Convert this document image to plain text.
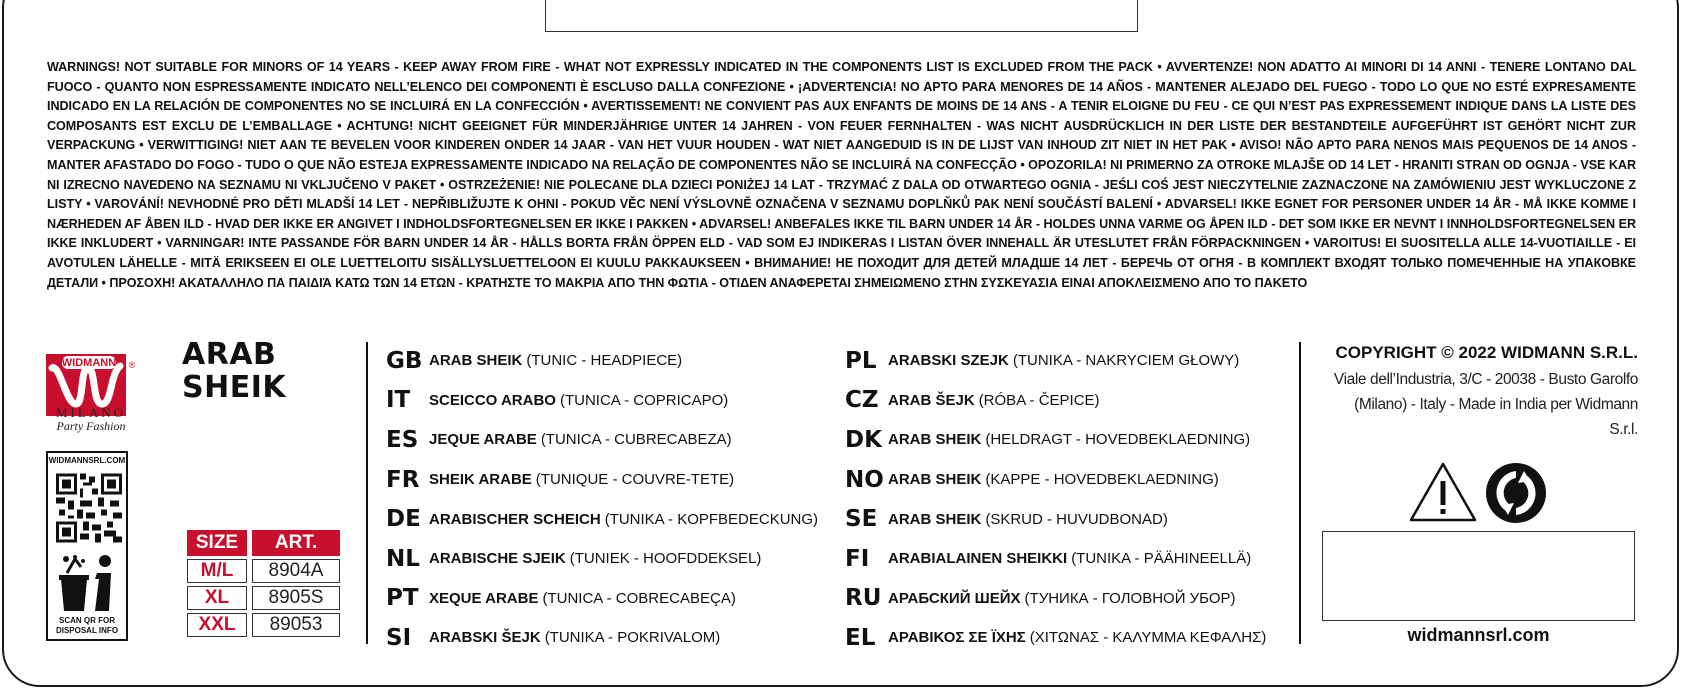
WARNINGS! NOT SUITABLE FOR MINORS OF 14 YEARS - KEEP AWAY FROM FIRE - WHAT NOT EXPRESSLY INDICATED IN THE COMPONENTS LIST IS EXCLUDED FROM THE PACK • AVVERTENZE! NON ADATTO AI MINORI DI 14 ANNI - TENERE LONTANO DAL FUOCO - QUANTO NON ESPRESSAMENTE INDICATO NELL’ELENCO DEI COMPONENTI È ESCLUSO DALLA CONFEZIONE • ¡ADVERTENCIA! NO APTO PARA MENORES DE 14 AÑOS - MANTENER ALEJADO DEL FUEGO - TODO LO QUE NO ESTÉ EXPRESAMENTE INDICADO EN LA RELACIÓN DE COMPONENTES NO SE INCLUIRÁ EN LA CONFECCIÓN • AVERTISSEMENT! NE CONVIENT PAS AUX ENFANTS DE MOINS DE 14 ANS - A TENIR ELOIGNE DU FEU - CE QUI N’EST PAS EXPRESSEMENT INDIQUE DANS LA LISTE DES COMPOSANTS EST EXCLU DE L’EMBALLAGE • ACHTUNG! NICHT GEEIGNET FÜR MINDERJÄHRIGE UNTER 14 JAHREN - VON FEUER FERNHALTEN - WAS NICHT AUSDRÜCKLICH IN DER LISTE DER BESTANDTEILE AUFGEFÜHRT IST GEHÖRT NICHT ZUR VERPACKUNG • VERWITTIGING! NIET AAN TE BEVELEN VOOR KINDEREN ONDER 14 JAAR - VAN HET VUUR HOUDEN - WAT NIET AANGEDUID IS IN DE LIJST VAN INHOUD ZIT NIET IN HET PAK • AVISO! NÃO APTO PARA NENOS MAIS PEQUENOS DE 14 ANOS - MANTER AFASTADO DO FOGO - TUDO O QUE NÃO ESTEJA EXPRESSAMENTE INDICADO NA RELAÇÃO DE COMPONENTES NÃO SE INCLUIRÁ NA CONFECÇÃO • OPOZORILA! NI PRIMERNO ZA OTROKE MLAJŠE OD 14 LET - HRANITI STRAN OD OGNJA - VSE KAR NI IZRECNO NAVEDENO NA SEZNAMU NI VKLJUČENO V PAKET • OSTRZEŻENIE! NIE POLECANE DLA DZIECI PONIŻEJ 14 LAT - TRZYMAĆ Z DALA OD OTWARTEGO OGNIA - JEŚLI COŚ JEST NIECZYTELNIE ZAZNACZONE NA ZAMÓWIENIU JEST WYKLUCZONE Z LISTY • VAROVÁNÍ! NEVHODNÉ PRO DĚTI MLADŠÍ 14 LET - NEPŘIBLIŽUJTE K OHNI - POKUD VĚC NENÍ VÝSLOVNĚ OZNAČENA V SEZNAMU DOPLŇKŮ PAK NENÍ SOUČÁSTÍ BALENÍ • ADVARSEL! IKKE EGNET FOR PERSONER UNDER 14 ÅR - MÅ IKKE KOMME I NÆRHEDEN AF ÅBEN ILD - HVAD DER IKKE ER ANGIVET I INDHOLDSFORTEGNELSEN ER IKKE I PAKKEN • ADVARSEL! ANBEFALES IKKE TIL BARN UNDER 14 ÅR - HOLDES UNNA VARME OG ÅPEN ILD - DET SOM IKKE ER NEVNT I INNHOLDSFORTEGNELSEN ER IKKE INKLUDERT • VARNINGAR! INTE PASSANDE FÖR BARN UNDER 14 ÅR - HÅLLS BORTA FRÅN ÖPPEN ELD - VAD SOM EJ INDIKERAS I LISTAN ÖVER INNEHALL ÄR UTESLUTET FRÅN FÖRPACKNINGEN • VAROITUS! EI SUOSITELLA ALLE 14-VUOTIAILLE - EI AVOTULEN LÄHELLE - MITÄ ERIKSEEN EI OLE LUETTELOITU SISÄLLYSLUETTELOON EI KUULU PAKKAUKSEEN • ВНИМАНИЕ! НЕ ПОХОДИТ ДЛЯ ДЕТЕЙ МЛАДШЕ 14 ЛЕТ - БЕРЕЧЬ ОТ ОГНЯ - В КОМПЛЕКТ ВХОДЯТ ТОЛЬКО ПОМЕЧЕННЫЕ НА УПАКОВКЕ ДЕТАЛИ • ΠΡΟΣΟΧΗ! ΑΚΑΤΑΛΛΗΛΟ ΠΑ ΠΑΙΔΙΆ ΚΑΤΩ ΤΩΝ 14 ΕΤΩΝ - ΚΡΑΤΗΣΤΕ ΤΟ ΜΑΚΡΙΑ ΑΠΟ ΤΗΝ ΦΩΤΙΑ - ΟΤΙΔΕΝ ΑΝΑΦΕΡΕΤΑΙ ΣΗΜΕΙΩΜΕΝΟ ΣΤΗΝ ΣΥΣΚΕΥΑΣΙΑ ΕΙΝΑΙ ΑΠΟΚΛΕΙΣΜΕΝΟ ΑΠΟ ΤΟ ΠΑΚΕΤΟ
WIDMANN ®
MILANO
Party Fashion
WIDMANNSRL.COM
SCAN QR FOR DISPOSAL INFO
ARAB
SHEIK
SIZE	ART.
M/L	8904A
XL	8905S
XXL	89053
GB ARAB SHEIK (TUNIC - HEADPIECE)
IT	SCEICCO ARABO (TUNICA - COPRICAPO)
ES JEQUE ARABE (TUNICA - CUBRECABEZA)
FR SHEIK ARABE (TUNIQUE - COUVRE-TETE)
DE ARABISCHER SCHEICH (TUNIKA - KOPFBEDECKUNG)
NL ARABISCHE SJEIK (TUNIEK - HOOFDDEKSEL)
PT XEQUE ARABE (TUNICA - COBRECABEÇA)
SI	ARABSKI ŠEJK (TUNIKA - POKRIVALOM)
PL ARABSKI SZEJK (TUNIKA - NAKRYCIEM GŁOWY)
CZ ARAB ŠEJK (RÓBA - ČEPICE)
DK ARAB SHEIK (HELDRAGT - HOVEDBEKLAEDNING)
NO ARAB SHEIK (KAPPE - HOVEDBEKLAEDNING)
SE ARAB SHEIK (SKRUD - HUVUDBONAD)
FI	ARABIALAINEN SHEIKKI (TUNIKA - PÄÄHINEELLÄ)
RU АРАБСКИЙ ШЕЙХ (ТУНИКА - ГОЛОВНОЙ УБОР)
EL ΑΡΑΒΙΚΟΣ ΣΕ ΪΧΗΣ (ΧΙΤΩΝΑΣ - ΚΑΛΥΜΜΑ ΚΕΦΑΛΗΣ)
COPYRIGHT © 2022 WIDMANN S.R.L.
Viale dell’Industria, 3/C - 20038 - Busto Garolfo
(Milano) - Italy - Made in India per Widmann S.r.l.

widmannsrl.com
